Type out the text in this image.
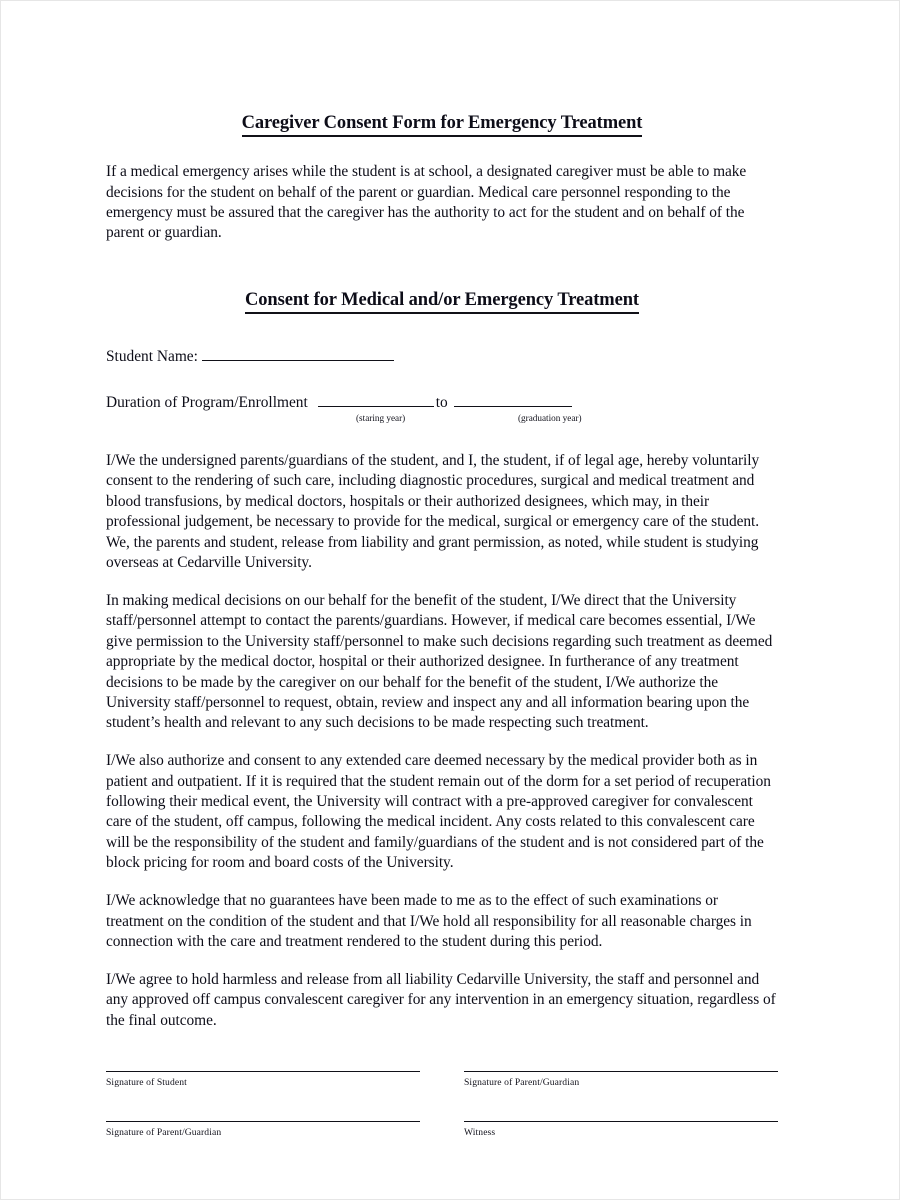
Caregiver Consent Form for Emergency Treatment

If a medical emergency arises while the student is at school, a designated caregiver must be able to make decisions for the student on behalf of the parent or guardian. Medical care personnel responding to the emergency must be assured that the caregiver has the authority to act for the student and on behalf of the parent or guardian.

Consent for Medical and/or Emergency Treatment
Student Name:
Duration of Program/Enrollment	to
(staring year)	(graduation year)

I/We the undersigned parents/guardians of the student, and I, the student, if of legal age, hereby voluntarily consent to the rendering of such care, including diagnostic procedures, surgical and medical treatment and blood transfusions, by medical doctors, hospitals or their authorized designees, which may, in their professional judgement, be necessary to provide for the medical, surgical or emergency care of the student. We, the parents and student, release from liability and grant permission, as noted, while student is studying overseas at Cedarville University.

In making medical decisions on our behalf for the benefit of the student, I/We direct that the University staff/personnel attempt to contact the parents/guardians. However, if medical care becomes essential, I/We give permission to the University staff/personnel to make such decisions regarding such treatment as deemed appropriate by the medical doctor, hospital or their authorized designee. In furtherance of any treatment decisions to be made by the caregiver on our behalf for the benefit of the student, I/We authorize the University staff/personnel to request, obtain, review and inspect any and all information bearing upon the student’s health and relevant to any such decisions to be made respecting such treatment.

I/We also authorize and consent to any extended care deemed necessary by the medical provider both as in patient and outpatient. If it is required that the student remain out of the dorm for a set period of recuperation following their medical event, the University will contract with a pre-approved caregiver for convalescent care of the student, off campus, following the medical incident. Any costs related to this convalescent care will be the responsibility of the student and family/guardians of the student and is not considered part of the block pricing for room and board costs of the University.

I/We acknowledge that no guarantees have been made to me as to the effect of such examinations or treatment on the condition of the student and that I/We hold all responsibility for all reasonable charges in connection with the care and treatment rendered to the student during this period.

I/We agree to hold harmless and release from all liability Cedarville University, the staff and personnel and any approved off campus convalescent caregiver for any intervention in an emergency situation, regardless of the final outcome.

Signature of Student	Signature of Parent/Guardian
Signature of Parent/Guardian	Witness
